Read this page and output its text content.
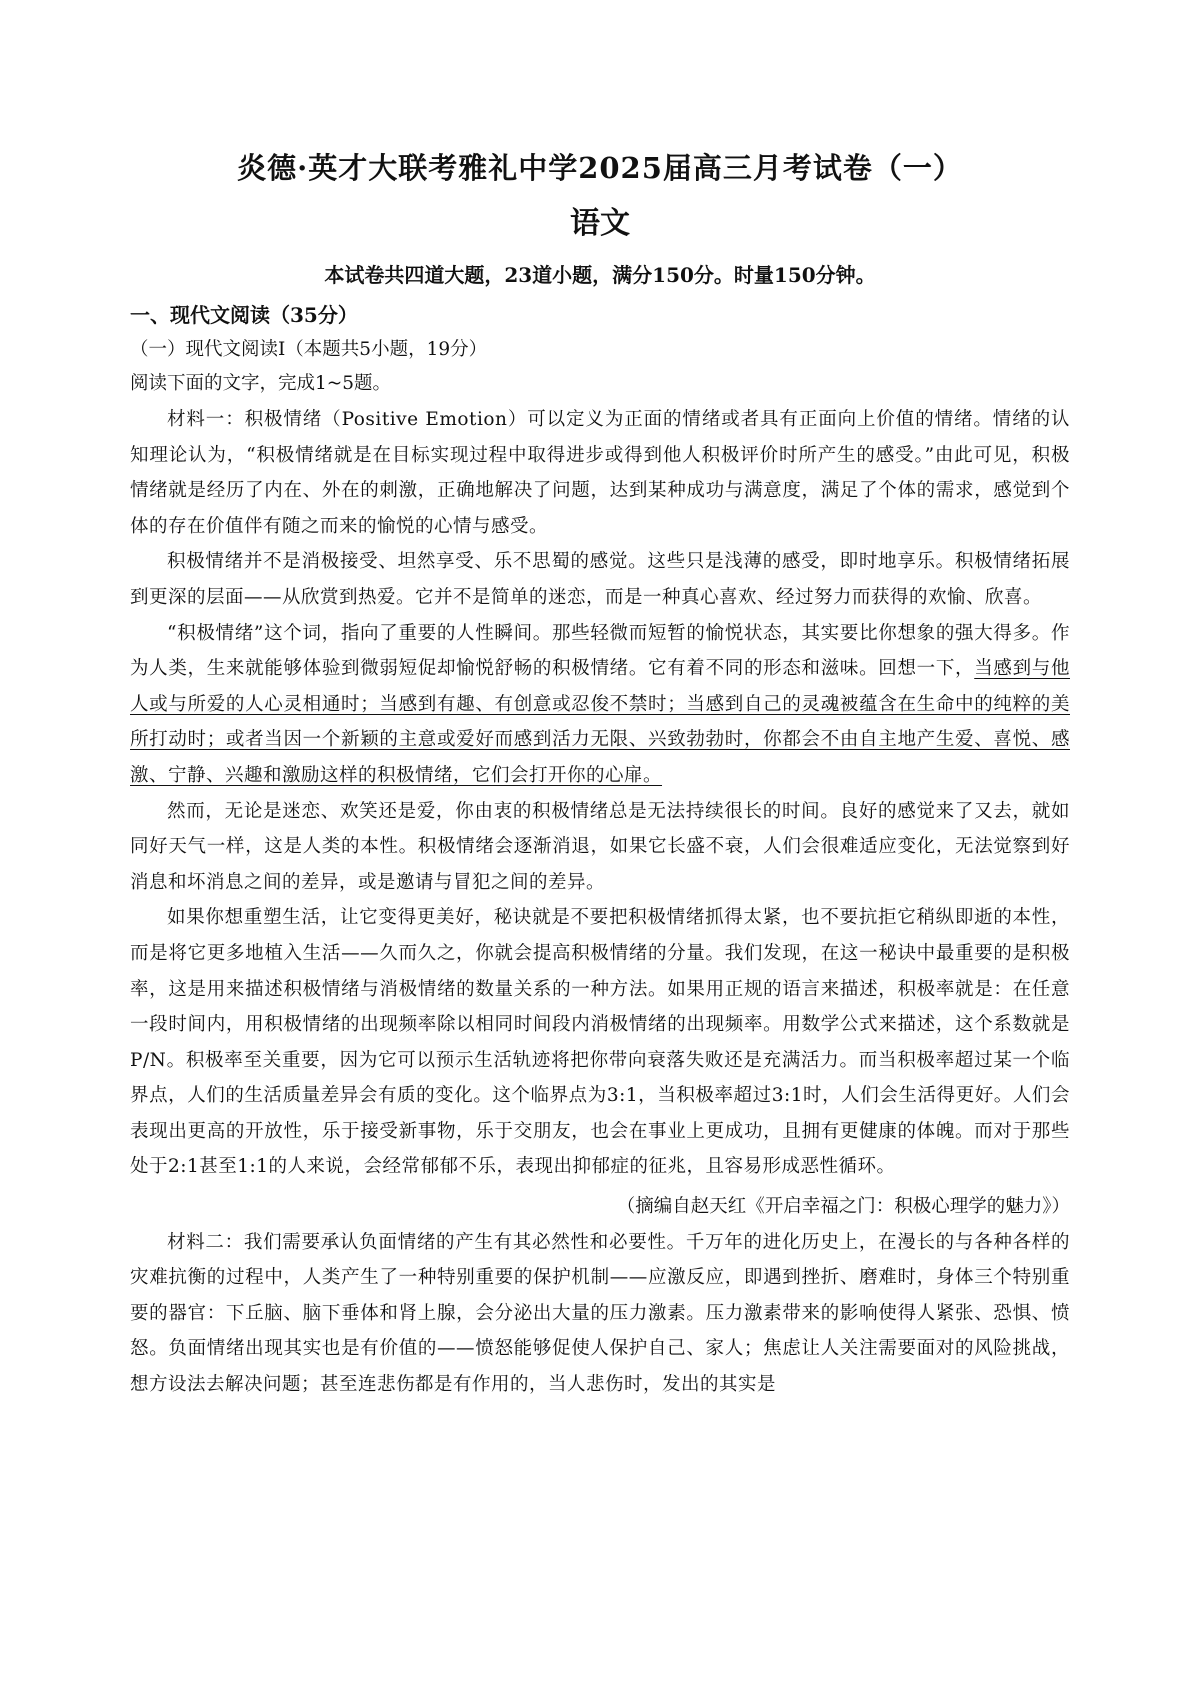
炎德·英才大联考雅礼中学2025届高三月考试卷（一）
语文

本试卷共四道大题，23道小题，满分150分。时量150分钟。

一、现代文阅读（35分）

（一）现代文阅读Ⅰ（本题共5小题，19分）

阅读下面的文字，完成1~5题。

材料一：积极情绪（Positive Emotion）可以定义为正面的情绪或者具有正面向上价值的情绪。情绪的认知理论认为，“积极情绪就是在目标实现过程中取得进步或得到他人积极评价时所产生的感受。”由此可见，积极情绪就是经历了内在、外在的刺激，正确地解决了问题，达到某种成功与满意度，满足了个体的需求，感觉到个体的存在价值伴有随之而来的愉悦的心情与感受。

积极情绪并不是消极接受、坦然享受、乐不思蜀的感觉。这些只是浅薄的感受，即时地享乐。积极情绪拓展到更深的层面——从欣赏到热爱。它并不是简单的迷恋，而是一种真心喜欢、经过努力而获得的欢愉、欣喜。

“积极情绪”这个词，指向了重要的人性瞬间。那些轻微而短暂的愉悦状态，其实要比你想象的强大得多。作为人类，生来就能够体验到微弱短促却愉悦舒畅的积极情绪。它有着不同的形态和滋味。回想一下，当感到与他人或与所爱的人心灵相通时；当感到有趣、有创意或忍俊不禁时；当感到自己的灵魂被蕴含在生命中的纯粹的美所打动时；或者当因一个新颖的主意或爱好而感到活力无限、兴致勃勃时，你都会不由自主地产生爱、喜悦、感激、宁静、兴趣和激励这样的积极情绪，它们会打开你的心扉。

然而，无论是迷恋、欢笑还是爱，你由衷的积极情绪总是无法持续很长的时间。良好的感觉来了又去，就如同好天气一样，这是人类的本性。积极情绪会逐渐消退，如果它长盛不衰，人们会很难适应变化，无法觉察到好消息和坏消息之间的差异，或是邀请与冒犯之间的差异。

如果你想重塑生活，让它变得更美好，秘诀就是不要把积极情绪抓得太紧，也不要抗拒它稍纵即逝的本性，而是将它更多地植入生活——久而久之，你就会提高积极情绪的分量。我们发现，在这一秘诀中最重要的是积极率，这是用来描述积极情绪与消极情绪的数量关系的一种方法。如果用正规的语言来描述，积极率就是：在任意一段时间内，用积极情绪的出现频率除以相同时间段内消极情绪的出现频率。用数学公式来描述，这个系数就是P/N。积极率至关重要，因为它可以预示生活轨迹将把你带向衰落失败还是充满活力。而当积极率超过某一个临界点，人们的生活质量差异会有质的变化。这个临界点为3:1，当积极率超过3:1时，人们会生活得更好。人们会表现出更高的开放性，乐于接受新事物，乐于交朋友，也会在事业上更成功，且拥有更健康的体魄。而对于那些处于2:1甚至1:1的人来说，会经常郁郁不乐，表现出抑郁症的征兆，且容易形成恶性循环。

（摘编自赵天红《开启幸福之门：积极心理学的魅力》）

材料二：我们需要承认负面情绪的产生有其必然性和必要性。千万年的进化历史上，在漫长的与各种各样的灾难抗衡的过程中，人类产生了一种特别重要的保护机制——应激反应，即遇到挫折、磨难时，身体三个特别重要的器官：下丘脑、脑下垂体和肾上腺，会分泌出大量的压力激素。压力激素带来的影响使得人紧张、恐惧、愤怒。负面情绪出现其实也是有价值的——愤怒能够促使人保护自己、家人；焦虑让人关注需要面对的风险挑战，想方设法去解决问题；甚至连悲伤都是有作用的，当人悲伤时，发出的其实是
